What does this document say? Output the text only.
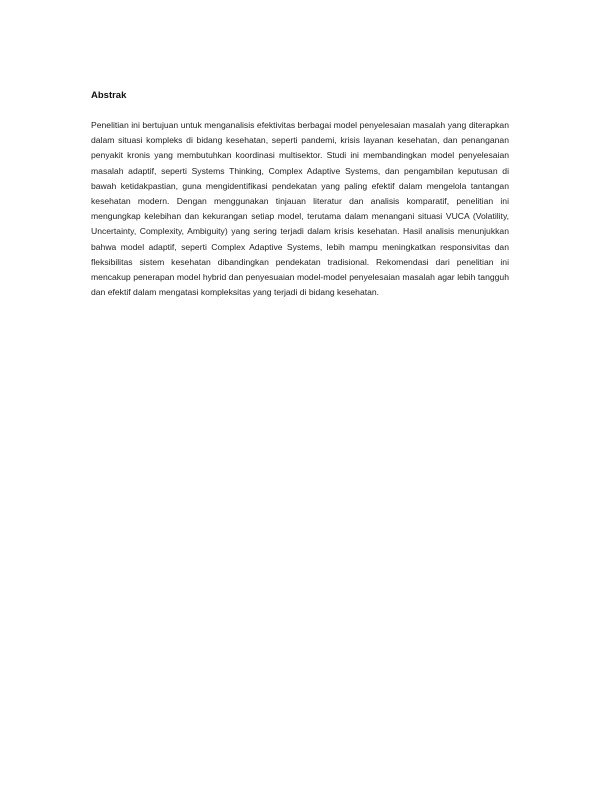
Abstrak

Penelitian ini bertujuan untuk menganalisis efektivitas berbagai model penyelesaian masalah yang diterapkan dalam situasi kompleks di bidang kesehatan, seperti pandemi, krisis layanan kesehatan, dan penanganan penyakit kronis yang membutuhkan koordinasi multisektor. Studi ini membandingkan model penyelesaian masalah adaptif, seperti Systems Thinking, Complex Adaptive Systems, dan pengambilan keputusan di bawah ketidakpastian, guna mengidentifikasi pendekatan yang paling efektif dalam mengelola tantangan kesehatan modern. Dengan menggunakan tinjauan literatur dan analisis komparatif, penelitian ini mengungkap kelebihan dan kekurangan setiap model, terutama dalam menangani situasi VUCA (Volatility, Uncertainty, Complexity, Ambiguity) yang sering terjadi dalam krisis kesehatan. Hasil analisis menunjukkan bahwa model adaptif, seperti Complex Adaptive Systems, lebih mampu meningkatkan responsivitas dan fleksibilitas sistem kesehatan dibandingkan pendekatan tradisional. Rekomendasi dari penelitian ini mencakup penerapan model hybrid dan penyesuaian model-model penyelesaian masalah agar lebih tangguh dan efektif dalam mengatasi kompleksitas yang terjadi di bidang kesehatan.
